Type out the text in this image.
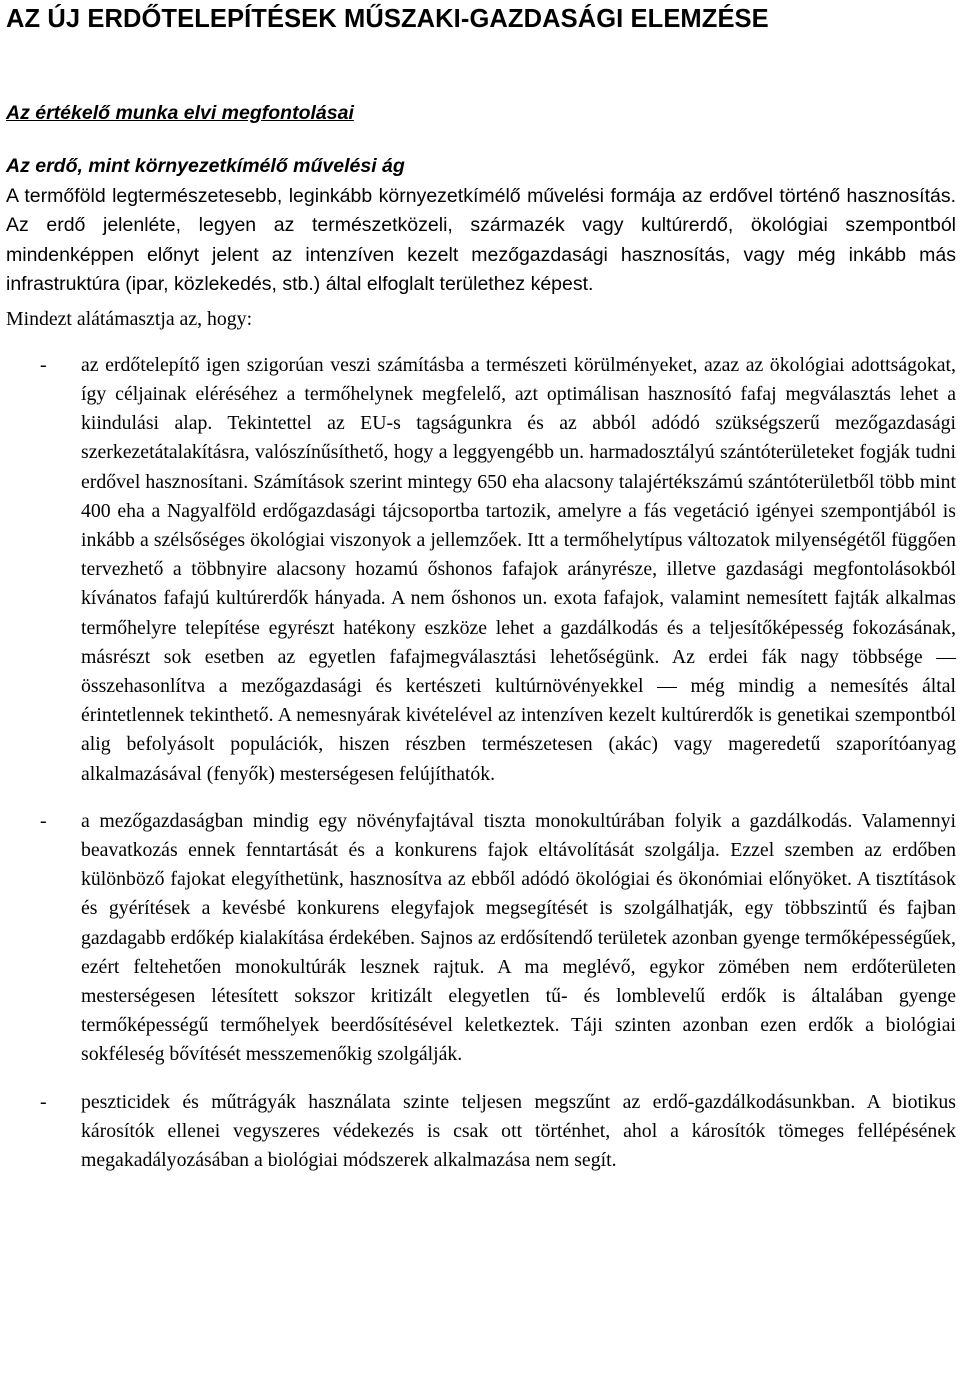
AZ ÚJ ERDŐTELEPÍTÉSEK MŰSZAKI-GAZDASÁGI ELEMZÉSE
Az értékelő munka elvi megfontolásai
Az erdő, mint környezetkímélő művelési ág

A termőföld legtermészetesebb, leginkább környezetkímélő művelési formája az erdővel történő hasznosítás. Az erdő jelenléte, legyen az természetközeli, származék vagy kultúrerdő, ökológiai szempontból mindenképpen előnyt jelent az intenzíven kezelt mezőgazdasági hasznosítás, vagy még inkább más infrastruktúra (ipar, közlekedés, stb.) által elfoglalt területhez képest.

Mindezt alátámasztja az, hogy:

-	az erdőtelepítő igen szigorúan veszi számításba a természeti körülményeket, azaz az ökológiai adottságokat, így céljainak eléréséhez a termőhelynek megfelelő, azt optimálisan hasznosító fafaj megválasztás lehet a kiindulási alap. Tekintettel az EU-s tagságunkra és az abból adódó szükségszerű mezőgazdasági szerkezetátalakításra, valószínűsíthető, hogy a leggyengébb un. harmadosztályú szántóterületeket fogják tudni erdővel hasznosítani. Számítások szerint mintegy 650 eha alacsony talajértékszámú szántóterületből több mint 400 eha a Nagyalföld erdőgazdasági tájcsoportba tartozik, amelyre a fás vegetáció igényei szempontjából is inkább a szélsőséges ökológiai viszonyok a jellemzőek. Itt a termőhelytípus változatok milyenségétől függően tervezhető a többnyire alacsony hozamú őshonos fafajok arányrésze, illetve gazdasági megfontolásokból kívánatos fafajú kultúrerdők hányada. A nem őshonos un. exota fafajok, valamint nemesített fajták alkalmas termőhelyre telepítése egyrészt hatékony eszköze lehet a gazdálkodás és a teljesítőképesség fokozásának, másrészt sok esetben az egyetlen fafajmegválasztási lehetőségünk. Az erdei fák nagy többsége — összehasonlítva a mezőgazdasági és kertészeti kultúrnövényekkel — még mindig a nemesítés által érintetlennek tekinthető. A nemesnyárak kivételével az intenzíven kezelt kultúrerdők is genetikai szempontból alig befolyásolt populációk, hiszen részben természetesen (akác) vagy mageredetű szaporítóanyag alkalmazásával (fenyők) mesterségesen felújíthatók.

-	a mezőgazdaságban mindig egy növényfajtával tiszta monokultúrában folyik a gazdálkodás. Valamennyi beavatkozás ennek fenntartását és a konkurens fajok eltávolítását szolgálja. Ezzel szemben az erdőben különböző fajokat elegyíthetünk, hasznosítva az ebből adódó ökológiai és ökonómiai előnyöket. A tisztítások és gyérítések a kevésbé konkurens elegyfajok megsegítését is szolgálhatják, egy többszintű és fajban gazdagabb erdőkép kialakítása érdekében. Sajnos az erdősítendő területek azonban gyenge termőképességűek, ezért feltehetően monokultúrák lesznek rajtuk. A ma meglévő, egykor zömében nem erdőterületen mesterségesen létesített sokszor kritizált elegyetlen tű- és lomblevelű erdők is általában gyenge termőképességű termőhelyek beerdősítésével keletkeztek. Táji szinten azonban ezen erdők a biológiai sokféleség bővítését messzemenőkig szolgálják.

-	peszticidek és műtrágyák használata szinte teljesen megszűnt az erdő-gazdálkodásunkban. A biotikus károsítók ellenei vegyszeres védekezés is csak ott történhet, ahol a károsítók tömeges fellépésének megakadályozásában a biológiai módszerek alkalmazása nem segít.
